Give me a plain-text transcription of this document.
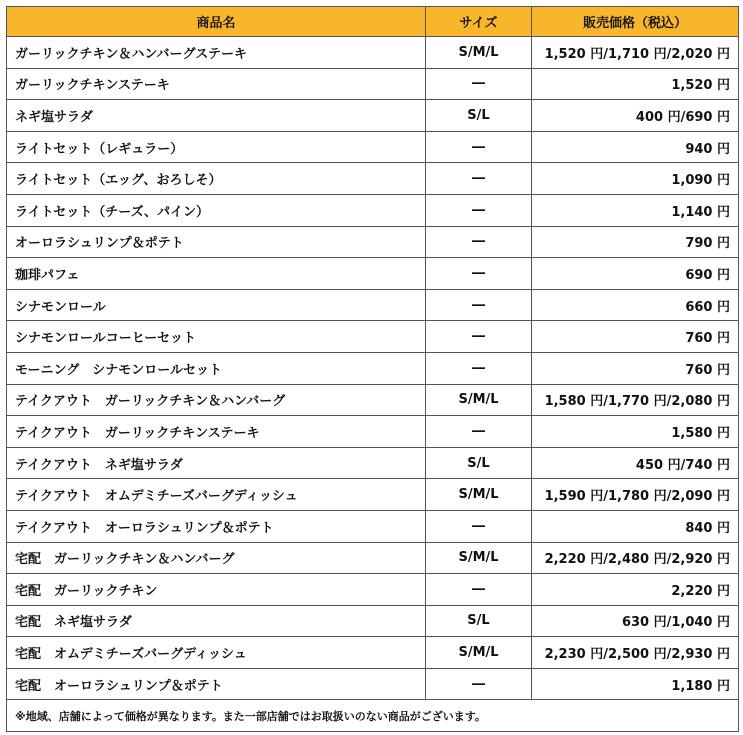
商品名	サイズ	販売価格（税込）
ガーリックチキン＆ハンバーグステーキ	S/M/L	1,520 円/1,710 円/2,020 円
ガーリックチキンステーキ	―	1,520 円
ネギ塩サラダ	S/L	400 円/690 円
ライトセット（レギュラー）	―	940 円
ライトセット（エッグ、おろしそ）	―	1,090 円
ライトセット（チーズ、パイン）	―	1,140 円
オーロラシュリンプ＆ポテト	―	790 円
珈琲パフェ	―	690 円
シナモンロール	―	660 円
シナモンロールコーヒーセット	―	760 円
モーニング　シナモンロールセット	―	760 円
テイクアウト　ガーリックチキン＆ハンバーグ	S/M/L	1,580 円/1,770 円/2,080 円
テイクアウト　ガーリックチキンステーキ	―	1,580 円
テイクアウト　ネギ塩サラダ	S/L	450 円/740 円
テイクアウト　オムデミチーズバーグディッシュ	S/M/L	1,590 円/1,780 円/2,090 円
テイクアウト　オーロラシュリンプ＆ポテト	―	840 円
宅配　ガーリックチキン＆ハンバーグ	S/M/L	2,220 円/2,480 円/2,920 円
宅配　ガーリックチキン	―	2,220 円
宅配　ネギ塩サラダ	S/L	630 円/1,040 円
宅配　オムデミチーズバーグディッシュ	S/M/L	2,230 円/2,500 円/2,930 円
宅配　オーロラシュリンプ＆ポテト	―	1,180 円
※地域、店舗によって価格が異なります。また一部店舗ではお取扱いのない商品がございます。		
